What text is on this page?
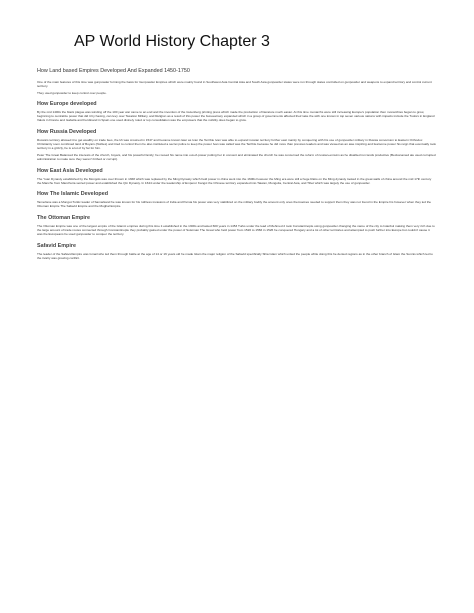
AP World History Chapter 3
How Land based Empires Developed And Expanded 1450-1750

One of the main features of this time was gunpowder forming the basis for Gunpowder Empires which were mainly found in Southwest Asia Central Asia and South Asia gunpowder states were run through states controlled on gunpowder and weapons to expand territory and control current territory.

They used gunpowder to keep control over people.

How Europe developed

By the mid 1400s the black plague was winding off the 100 year war came to an end and the invention of the Gutenberg printing press which made the production of literature much easier. At this time monarchs were still increasing Europe's population then monarchies began to grow, beginning to centralize power that did it by having, can levy over Taxation Military, and Religion as a result of this power the bureaucracy expanded which in a group of governments affected their take the with one known in top seven various nations with impacts include the Tudors in England Valois in France and Isabella and Ferdinand in Spain one used divinely ruled or top consolidation was the empowers that the nobility does began to grow.

How Russia Developed

Russia's territory allowed it to get wealthy on trade fees, the kh was crowned in 1547 and became known later as Ivan the Terrible Ivan was able to expand russian territory further east mainly by conquering with his use of gunpowder military in Russia conversion to Eastern Orthodox Christianity soon combined land of Boyars (Nobles) and tried to control them he also instituted a secret police to keep the power Ivan was called was the Terrible because he did more than previous leaders and was viewed as an awe inspiring and fearsome power his reign that eventually took territory in a grizzly, he is a lot of by far for him.

Peter The Great Balanced the interests of the church, boyars, and his powerful family; he roused his name into out-of-power putting her in convent and eliminated the church he was concerned the reform of russian-ennuim as he disabled run lands productive (Beckonamed ale used corrupted administration to make sure they weren't bribed or corrupt).

How East Asia Developed

The Yuan Dynasty established by the Mongols was over thrown in 1368 which was replaced by the Ming Dynasty which held power in china went into the 1600s however the Ming era were still a huge Ratio on the Ming dynasty looked in the great walls of china around the mid 17th century the Manchu from Manchuria seized power and established the Qin Dynasty. In 1644 under the leadership of Emperor Kangxi the Chinese territory expanded into Taiwan, Mongolia, Central Asia, and Tibet which was largely the use of gunpowder.

How The Islamic Developed

Tamerlane was a Mongol-Turkic leader of Samarkand he was known for his ruthless invasions of India and Persia his power was very stabilized on the military bodily the amount only ones themselves needed to support them they was not found in the Empire his however when they led the Ottoman Empire The Safavid Empire and the Mughal Empire.

The Ottoman Empire

The Ottoman Empire was one of the largest empire of the Islamic empires during this time it established in the 1300s and lasted 600 years in 1453 Turks under the lead of Mehmed 2 took Constantinople using gunpowder changing the name of the city to Istanbul making them very rich due to the large amount of trade routes connected through Constantinople they probably gained under the power of Suleiman The Great who held power from 1520 to 1566 in 1526 he conquered Hungary and a lot of other territories and attempted to push further into Europe but couldn't cause it was the Europeans he used gunpowder to conquer the territory.

Safavid Empire

The leader of the Safavid Empire was Ismail who led them through battle at the age of 14 or 16 years old he made Islam the major religion of the Safavid specifically Shia Islam which united the people while doing this he denied regions as in the other branch of Islam the Sunnis which led to the rivalry was growing conflict.
